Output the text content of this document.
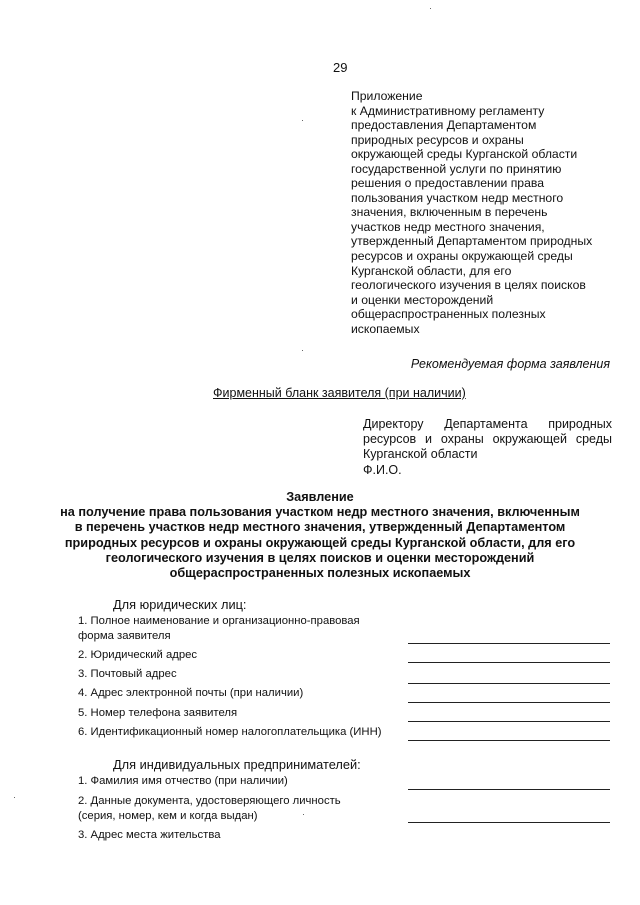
29
Приложение
к Административному регламенту
предоставления Департаментом
природных ресурсов и охраны
окружающей среды Курганской области
государственной услуги по принятию
решения о предоставлении права
пользования участком недр местного
значения, включенным в перечень
участков недр местного значения,
утвержденный Департаментом природных
ресурсов и охраны окружающей среды
Курганской области, для его
геологического изучения в целях поисков
и оценки месторождений
общераспространенных полезных
ископаемых
Рекомендуемая форма заявления
Фирменный бланк заявителя (при наличии)
Директору Департамента природных
ресурсов и охраны окружающей среды
Курганской области
Ф.И.О.
Заявление
на получение права пользования участком недр местного значения, включенным
в перечень участков недр местного значения, утвержденный Департаментом
природных ресурсов и охраны окружающей среды Курганской области, для его
геологического изучения в целях поисков и оценки месторождений
общераспространенных полезных ископаемых
Для юридических лиц:
1. Полное наименование и организационно-правовая
форма заявителя
2. Юридический адрес
3. Почтовый адрес
4. Адрес электронной почты (при наличии)
5. Номер телефона заявителя
6. Идентификационный номер налогоплательщика (ИНН)
Для индивидуальных предпринимателей:
1. Фамилия имя отчество (при наличии)
2. Данные документа, удостоверяющего личность
(серия, номер, кем и когда выдан)
3. Адрес места жительства
